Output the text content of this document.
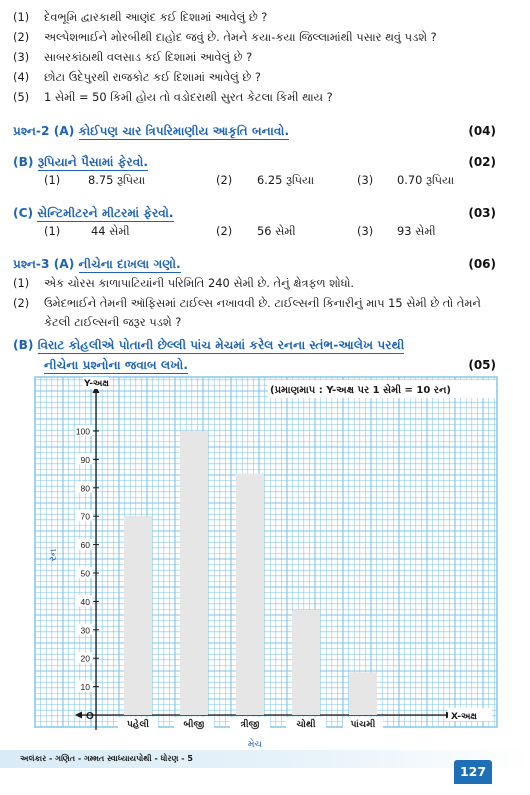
(1) દેવભૂમિ દ્વારકાથી આણંદ કઈ દિશામાં આવેલું છે ?
(2) અલ્પેશભાઈને મોરબીથી દાહોદ જવું છે. તેમને કયા-કયા જિલ્લામાંથી પસાર થવું પડશે ?
(3) સાબરકાંઠાથી વલસાડ કઈ દિશામાં આવેલું છે ?
(4) છોટા ઉદેપુરથી રાજકોટ કઈ દિશામાં આવેલું છે ?
(5) 1 સેમી = 50 કિમી હોય તો વડોદરાથી સુરત કેટલા કિમી થાય ?
પ્રશ્ન-2 (A) કોઈપણ ચાર ત્રિપરિમાણીય આકૃતિ બનાવો.	(04)
(B) રૂપિયાને પૈસામાં ફેરવો.	(02)
(1) 8.75 રૂપિયા	(2) 6.25 રૂપિયા	(3) 0.70 રૂપિયા
(C) સેન્ટિમીટરને મીટરમાં ફેરવો.	(03)
(1)	44 સેમી	(2) 56 સેમી	(3) 93 સેમી
પ્રશ્ન-3 (A) નીચેના દાખલા ગણો.	(06)
(1) એક ચોરસ કાળાપાટિયાંની પરિમિતિ 240 સેમી છે. તેનું ક્ષેત્રફળ શોધો.
(2) ઉમેદભાઈને તેમની ઑફિસમાં ટાઈલ્સ નખાવવી છે. ટાઈલ્સની કિનારીનું માપ 15 સેમી છે તો તેમને
કેટલી ટાઈલ્સની જરૂર પડશે ?
(B) વિરાટ કોહલીએ પોતાની છેલ્લી પાંચ મેચમાં કરેલ રનના સ્તંભ-આલેખ પરથી
નીચેના પ્રશ્નોના જવાબ લખો.	(05)
O
10
20
30
40
50
60
70
80
90
100
Y-અક્ષ
રન
(પ્રમાણમાપ : Y-અક્ષ પર 1 સેમી = 10 રન)
પહેલી	બીજી	ત્રીજી	ચોથી	પાંચમી
X-અક્ષ
મેચ
અલંકાર - ગણિત - ગમ્મત સ્વાધ્યાયપોથી - ધોરણ - 5
127
